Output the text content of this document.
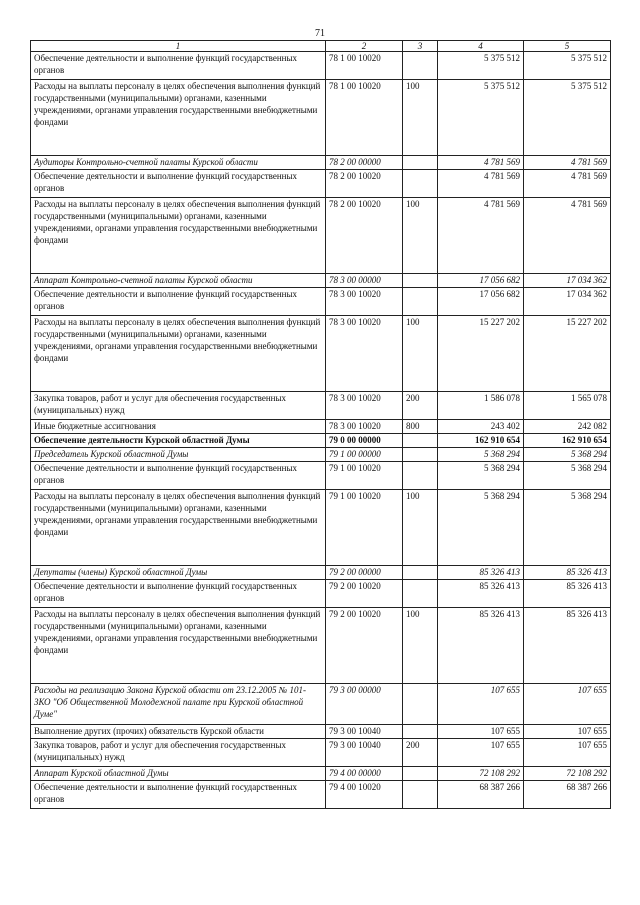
71
1	2	3	4	5
Обеспечение деятельности и выполнение функций государственных органов	78 1 00 10020		5 375 512	5 375 512
Расходы на выплаты персоналу в целях обеспечения выполнения функций государственными (муниципальными) органами, казенными учреждениями, органами управления государственными внебюджетными фондами	78 1 00 10020	100	5 375 512	5 375 512
Аудиторы Контрольно-счетной палаты Курской области	78 2 00 00000		4 781 569	4 781 569
Обеспечение деятельности и выполнение функций государственных органов	78 2 00 10020		4 781 569	4 781 569
Расходы на выплаты персоналу в целях обеспечения выполнения функций государственными (муниципальными) органами, казенными учреждениями, органами управления государственными внебюджетными фондами	78 2 00 10020	100	4 781 569	4 781 569
Аппарат Контрольно-счетной палаты Курской области	78 3 00 00000		17 056 682	17 034 362
Обеспечение деятельности и выполнение функций государственных органов	78 3 00 10020		17 056 682	17 034 362
Расходы на выплаты персоналу в целях обеспечения выполнения функций государственными (муниципальными) органами, казенными учреждениями, органами управления государственными внебюджетными фондами	78 3 00 10020	100	15 227 202	15 227 202
Закупка товаров, работ и услуг для обеспечения государственных (муниципальных) нужд	78 3 00 10020	200	1 586 078	1 565 078
Иные бюджетные ассигнования	78 3 00 10020	800	243 402	242 082
Обеспечение деятельности Курской областной Думы	79 0 00 00000		162 910 654	162 910 654
Председатель Курской областной Думы	79 1 00 00000		5 368 294	5 368 294
Обеспечение деятельности и выполнение функций государственных органов	79 1 00 10020		5 368 294	5 368 294
Расходы на выплаты персоналу в целях обеспечения выполнения функций государственными (муниципальными) органами, казенными учреждениями, органами управления государственными внебюджетными фондами	79 1 00 10020	100	5 368 294	5 368 294
Депутаты (члены) Курской областной Думы	79 2 00 00000		85 326 413	85 326 413
Обеспечение деятельности и выполнение функций государственных органов	79 2 00 10020		85 326 413	85 326 413
Расходы на выплаты персоналу в целях обеспечения выполнения функций государственными (муниципальными) органами, казенными учреждениями, органами управления государственными внебюджетными фондами	79 2 00 10020	100	85 326 413	85 326 413
Расходы на реализацию Закона Курской области от 23.12.2005 № 101-ЗКО "Об Общественной Молодежной палате при Курской областной Думе"	79 3 00 00000		107 655	107 655
Выполнение других (прочих) обязательств Курской области	79 3 00 10040		107 655	107 655
Закупка товаров, работ и услуг для обеспечения государственных (муниципальных) нужд	79 3 00 10040	200	107 655	107 655
Аппарат Курской областной Думы	79 4 00 00000		72 108 292	72 108 292
Обеспечение деятельности и выполнение функций государственных органов	79 4 00 10020		68 387 266	68 387 266
